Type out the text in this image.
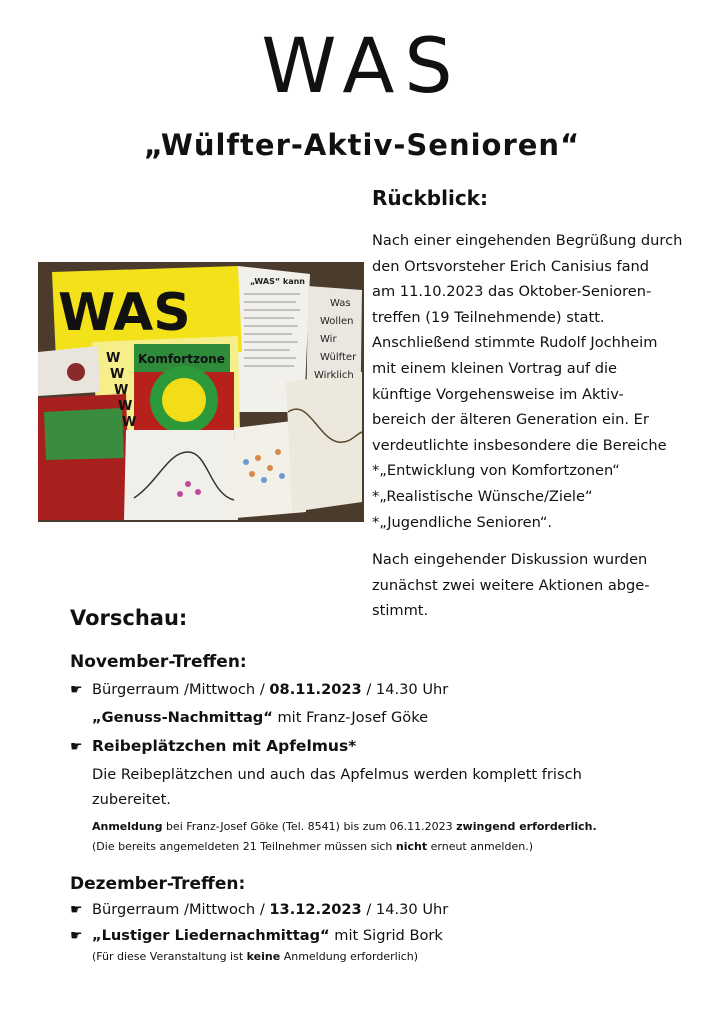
WAS
„Wülfter-Aktiv-Senioren“
Rückblick:

Nach einer eingehenden Begrüßung durch

den Ortsvorsteher Erich Canisius fand

am 11.10.2023 das Oktober-Senioren-

treffen (19 Teilnehmende) statt.

Anschließend stimmte Rudolf Jochheim

mit einem kleinen Vortrag auf die

künftige Vorgehensweise im Aktiv-

bereich der älteren Generation ein. Er

verdeutlichte insbesondere die Bereiche

*„Entwicklung von Komfortzonen“

*„Realistische Wünsche/Ziele“

*„Jugendliche Senioren“.

Nach eingehender Diskussion wurden

zunächst zwei weitere Aktionen abge-

stimmt.

WAS
W
W
W
W
W
Komfortzone
„WAS“ kann
Was
Wollen
Wir
Wülfter
Wirklich
Vorschau:
November-Treffen:
☛ Bürgerraum /Mittwoch / 08.11.2023 / 14.30 Uhr
„Genuss-Nachmittag“ mit Franz-Josef Göke
☛ Reibeplätzchen mit Apfelmus*
Die Reibeplätzchen und auch das Apfelmus werden komplett frisch zubereitet.
Anmeldung bei Franz-Josef Göke (Tel. 8541) bis zum 06.11.2023 zwingend erforderlich.
(Die bereits angemeldeten 21 Teilnehmer müssen sich nicht erneut anmelden.)
Dezember-Treffen:
☛ Bürgerraum /Mittwoch / 13.12.2023 / 14.30 Uhr
☛ „Lustiger Liedernachmittag“ mit Sigrid Bork
(Für diese Veranstaltung ist keine Anmeldung erforderlich)
